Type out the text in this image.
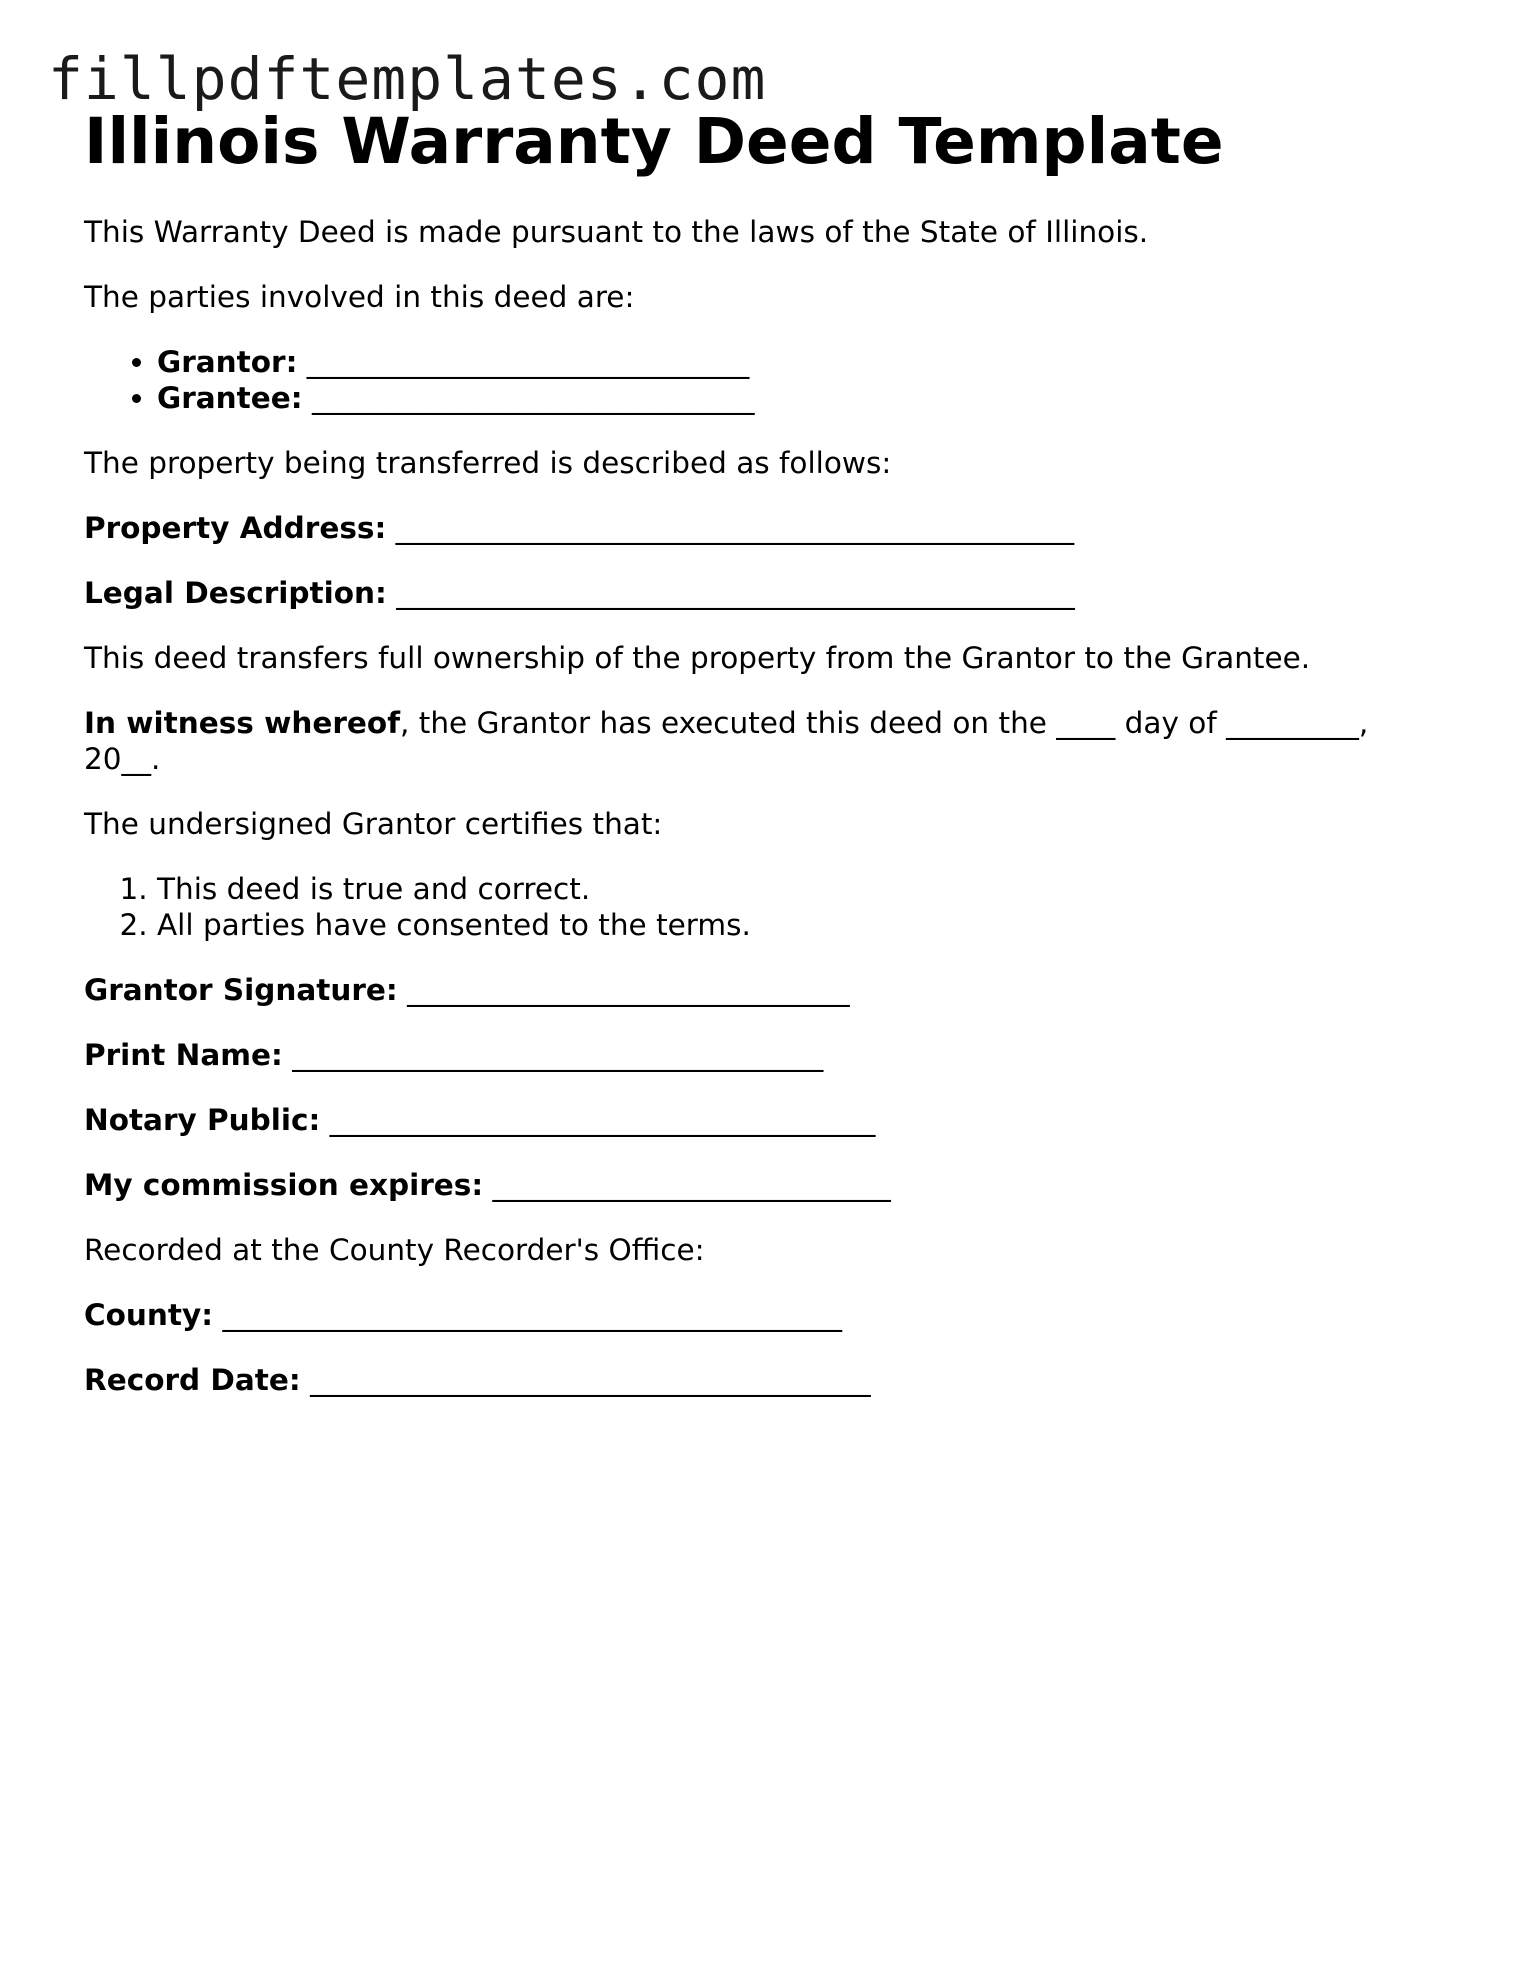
fillpdftemplates.com
Illinois Warranty Deed Template

This Warranty Deed is made pursuant to the laws of the State of Illinois.

The parties involved in this deed are:

• Grantor: ______________________________
• Grantee: ______________________________

The property being transferred is described as follows:

Property Address: ______________________________________________

Legal Description: ______________________________________________

This deed transfers full ownership of the property from the Grantor to the Grantee.

In witness whereof, the Grantor has executed this deed on the ____ day of _________, 20__.

The undersigned Grantor certifies that:

1. This deed is true and correct.
2. All parties have consented to the terms.

Grantor Signature: ______________________________

Print Name: ____________________________________

Notary Public: _____________________________________

My commission expires: ___________________________

Recorded at the County Recorder's Office:

County: __________________________________________

Record Date: ______________________________________
